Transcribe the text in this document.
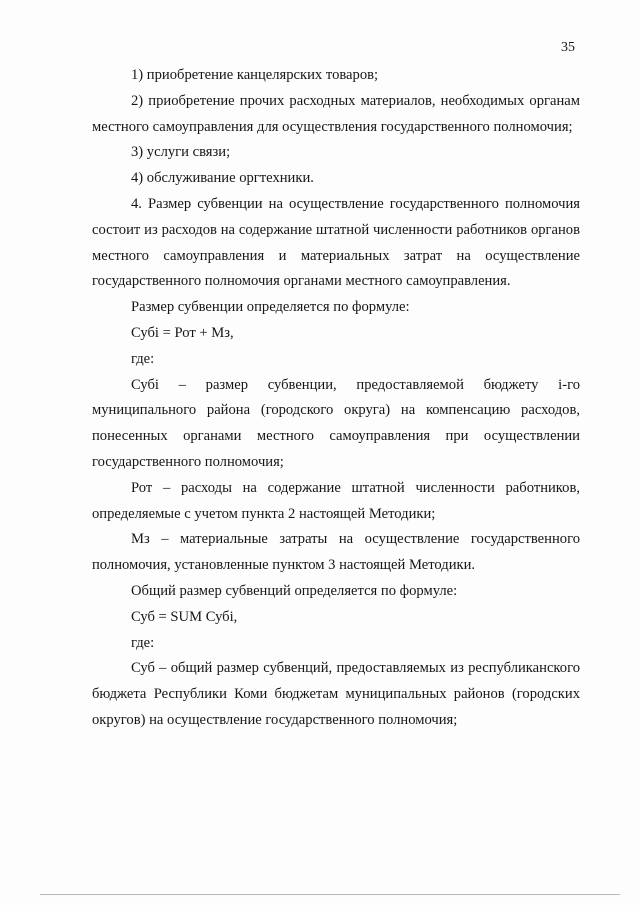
35

1) приобретение канцелярских товаров;

2) приобретение прочих расходных материалов, необходимых органам местного самоуправления для осуществления государственного полномочия;

3) услуги связи;

4) обслуживание оргтехники.

4. Размер субвенции на осуществление государственного полномочия состоит из расходов на содержание штатной численности работников органов местного самоуправления и материальных затрат на осуществление государственного полномочия органами местного самоуправления.

Размер субвенции определяется по формуле:

Субi = Рот + Мз,

где:

Субi – размер субвенции, предоставляемой бюджету i-го муниципального района (городского округа) на компенсацию расходов, понесенных органами местного самоуправления при осуществлении государственного полномочия;

Рот – расходы на содержание штатной численности работников, определяемые с учетом пункта 2 настоящей Методики;

Мз – материальные затраты на осуществление государственного полномочия, установленные пунктом 3 настоящей Методики.

Общий размер субвенций определяется по формуле:

Суб = SUM Субi,

где:

Суб – общий размер субвенций, предоставляемых из республиканского бюджета Республики Коми бюджетам муниципальных районов (городских округов) на осуществление государственного полномочия;
